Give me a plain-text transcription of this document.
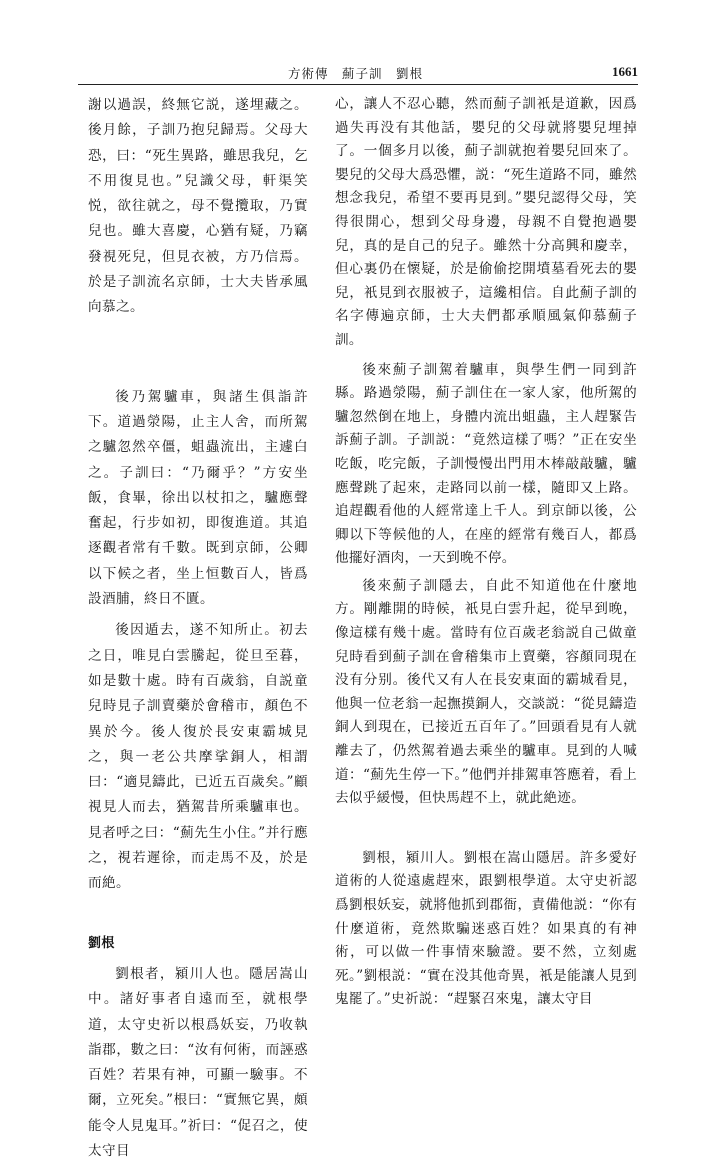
方術傳　薊子訓　劉根	1661

謝以過誤，終無它説，遂埋藏之。後月餘，子訓乃抱兒歸焉。父母大恐，曰：“死生異路，雖思我兒，乞不用復見也。”兒識父母，軒渠笑悦，欲往就之，母不覺攬取，乃實兒也。雖大喜慶，心猶有疑，乃竊發視死兒，但見衣被，方乃信焉。於是子訓流名京師，士大夫皆承風向慕之。

後乃駕驢車，與諸生俱詣許下。道過滎陽，止主人舍，而所駕之驢忽然卒僵，蛆蟲流出，主遽白之。子訓曰：“乃爾乎？”方安坐飯，食畢，徐出以杖扣之，驢應聲奮起，行步如初，即復進道。其追逐觀者常有千數。既到京師，公卿以下候之者，坐上恒數百人，皆爲設酒脯，終日不匱。

後因遁去，遂不知所止。初去之日，唯見白雲騰起，從旦至暮，如是數十處。時有百歲翁，自説童兒時見子訓賣藥於會稽市，顏色不異於今。後人復於長安東霸城見之，與一老公共摩挲銅人，相謂曰：“適見鑄此，已近五百歲矣。”顧視見人而去，猶駕昔所乘驢車也。見者呼之曰：“薊先生小住。”并行應之，視若遲徐，而走馬不及，於是而絶。

劉根

劉根者，潁川人也。隱居嵩山中。諸好事者自遠而至，就根學道，太守史祈以根爲妖妄，乃收執詣郡，數之曰：“汝有何術，而誣惑百姓？若果有神，可顯一驗事。不爾，立死矣。”根曰：“實無它異，頗能令人見鬼耳。”祈曰：“促召之，使太守目

心，讓人不忍心聽，然而薊子訓衹是道歉，因爲過失再没有其他話，嬰兒的父母就將嬰兒埋掉了。一個多月以後，薊子訓就抱着嬰兒回來了。嬰兒的父母大爲恐懼，説：“死生道路不同，雖然想念我兒，希望不要再見到。”嬰兒認得父母，笑得很開心，想到父母身邊，母親不自覺抱過嬰兒，真的是自己的兒子。雖然十分高興和慶幸，但心裏仍在懷疑，於是偷偷挖開墳墓看死去的嬰兒，衹見到衣服被子，這纔相信。自此薊子訓的名字傳遍京師，士大夫們都承順風氣仰慕薊子訓。

後來薊子訓駕着驢車，與學生們一同到許縣。路過滎陽，薊子訓住在一家人家，他所駕的驢忽然倒在地上，身體内流出蛆蟲，主人趕緊告訴薊子訓。子訓説：“竟然這樣了嗎？”正在安坐吃飯，吃完飯，子訓慢慢出門用木棒敲敲驢，驢應聲跳了起來，走路同以前一樣，隨即又上路。追趕觀看他的人經常達上千人。到京師以後，公卿以下等候他的人，在座的經常有幾百人，都爲他擺好酒肉，一天到晚不停。

後來薊子訓隱去，自此不知道他在什麼地方。剛離開的時候，衹見白雲升起，從早到晚，像這樣有幾十處。當時有位百歲老翁説自己做童兒時看到薊子訓在會稽集市上賣藥，容顏同現在没有分别。後代又有人在長安東面的霸城看見，他與一位老翁一起撫摸銅人，交談説：“從見鑄造銅人到現在，已接近五百年了。”回頭看見有人就離去了，仍然駕着過去乘坐的驢車。見到的人喊道：“薊先生停一下。”他們并排駕車答應着，看上去似乎緩慢，但快馬趕不上，就此絶迹。

劉根，潁川人。劉根在嵩山隱居。許多愛好道術的人從遠處趕來，跟劉根學道。太守史祈認爲劉根妖妄，就將他抓到郡衙，責備他説：“你有什麼道術，竟然欺騙迷惑百姓？如果真的有神術，可以做一件事情來驗證。要不然，立刻處死。”劉根説：“實在没其他奇異，衹是能讓人見到鬼罷了。”史祈説：“趕緊召來鬼，讓太守目
